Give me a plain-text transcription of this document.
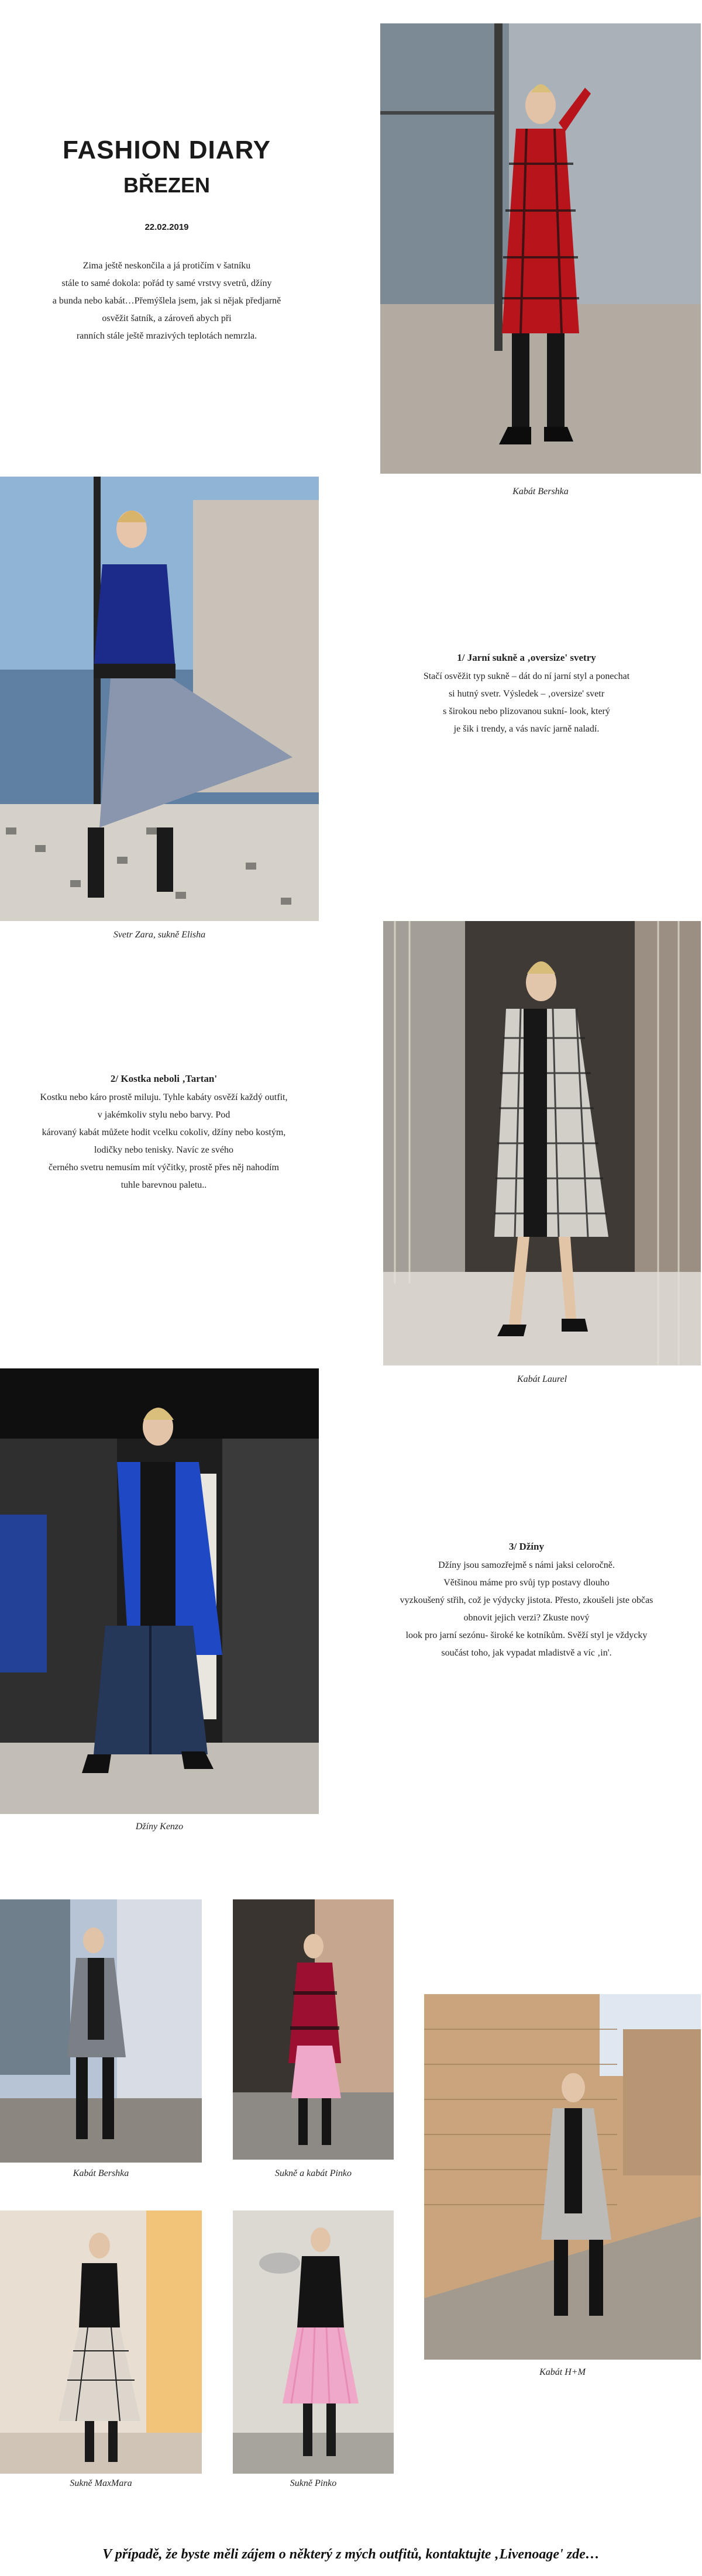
FASHION DIARY
BŘEZEN
22.02.2019

Zima ještě neskončila a já protičím v šatníku

stále to samé dokola: pořád ty samé vrstvy svetrů, džíny

a bunda nebo kabát…Přemýšlela jsem, jak si nějak předjarně

osvěžit šatník, a zároveň abych při

ranních stále ještě mrazivých teplotách nemrzla.

Kabát Bershka
Svetr Zara, sukně Elisha
1/ Jarní sukně a ‚oversize' svetry

Stačí osvěžit typ sukně – dát do ní jarní styl a ponechat

si hutný svetr. Výsledek – ‚oversize' svetr

s širokou nebo plizovanou sukní- look, který

je šik i trendy, a vás navíc jarně naladí.

2/ Kostka neboli ‚Tartan'

Kostku nebo káro prostě miluju. Tyhle kabáty osvěží každý outfit,

v jakémkoliv stylu nebo barvy. Pod

károvaný kabát můžete hodit vcelku cokoliv, džíny nebo kostým,

lodičky nebo tenisky. Navíc ze svého

černého svetru nemusím mít výčitky, prostě přes něj nahodím

tuhle barevnou paletu..

Kabát Laurel
Džíny Kenzo
3/ Džíny

Džíny jsou samozřejmě s námi jaksi celoročně.

Většinou máme pro svůj typ postavy dlouho

vyzkoušený střih, což je výdycky jistota. Přesto, zkoušeli jste občas

obnovit jejich verzi? Zkuste nový

look pro jarní sezónu- široké ke kotníkům. Svěží styl je vždycky

součást toho, jak vypadat mladistvě a víc ‚in'.

Kabát Bershka	Sukně a kabát Pinko
Kabát H+M
Sukně MaxMara	Sukně Pinko
V případě, že byste měli zájem o některý z mých outfitů, kontaktujte ‚Livenoage' zde…
